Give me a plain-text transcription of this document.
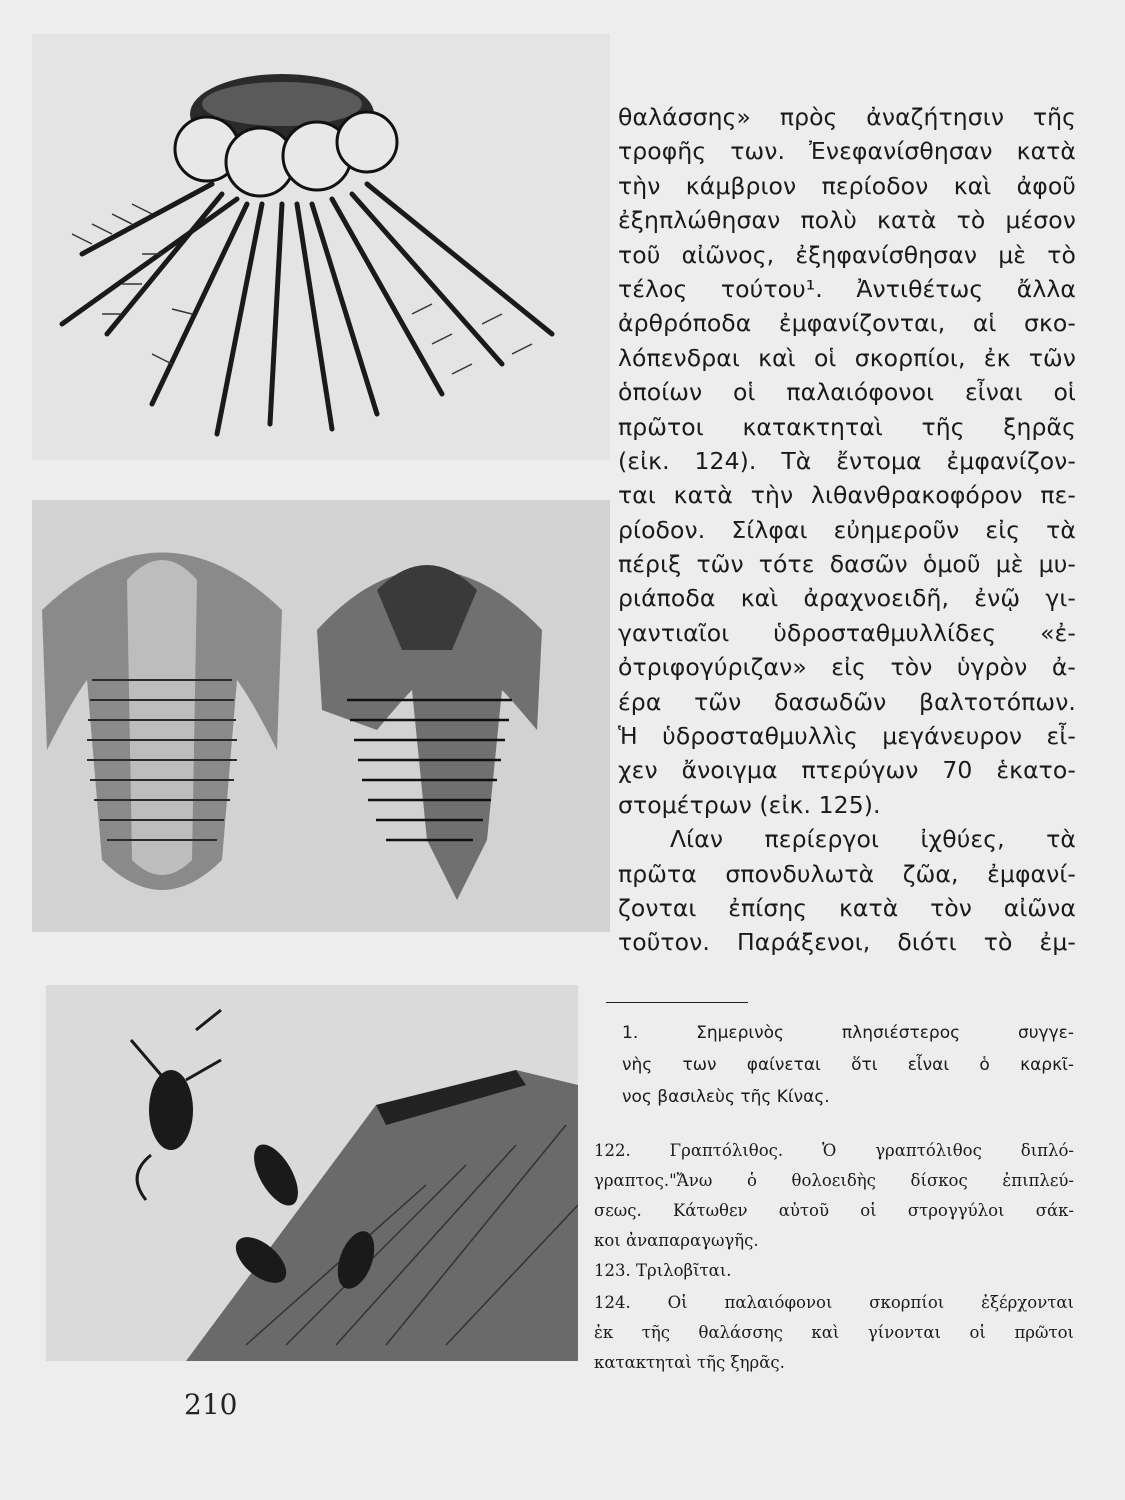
θαλάσσης» πρὸς ἀναζήτησιν τῆς
τροφῆς των. Ἐνεφανίσθησαν κατὰ
τὴν κάμβριον περίοδον καὶ ἀφοῦ
ἐξηπλώθησαν πολὺ κατὰ τὸ μέσον
τοῦ αἰῶνος, ἐξηφανίσθησαν μὲ τὸ
τέλος τούτου¹. Ἀντιθέτως ἄλλα
ἀρθρόποδα ἐμφανίζονται, αἱ σκο-
λόπενδραι καὶ οἱ σκορπίοι, ἐκ τῶν
ὁποίων οἱ παλαιόφονοι εἶναι οἱ
πρῶτοι κατακτηταὶ τῆς ξηρᾶς
(εἰκ. 124). Τὰ ἔντομα ἐμφανίζον-
ται κατὰ τὴν λιθανθρακοφόρον πε-
ρίοδον. Σίλφαι εὐημεροῦν εἰς τὰ
πέριξ τῶν τότε δασῶν ὁμοῦ μὲ μυ-
ριάποδα καὶ ἀραχνοειδῆ, ἐνῷ γι-
γαντιαῖοι ὑδροσταθμυλλίδες «ἐ-
ὀτριφογύριζαν» εἰς τὸν ὑγρὸν ἀ-
έρα τῶν δασωδῶν βαλτοτόπων.
Ἡ ὑδροσταθμυλλὶς μεγάνευρον εἶ-
χεν ἄνοιγμα πτερύγων 70 ἑκατο-
στομέτρων (εἰκ. 125).
Λίαν περίεργοι ἰχθύες, τὰ
πρῶτα σπονδυλωτὰ ζῶα, ἐμφανί-
ζονται ἐπίσης κατὰ τὸν αἰῶνα
τοῦτον. Παράξενοι, διότι τὸ ἐμ-
1. Σημερινὸς πλησιέστερος συγγε-
νὴς των φαίνεται ὅτι εἶναι ὁ καρκῖ-
νος βασιλεὺς τῆς Κίνας.
122. Γραπτόλιθος. Ὁ γραπτόλιθος διπλό-
γραπτος."Ἄνω ὁ θολοειδὴς δίσκος ἐπιπλεύ-
σεως. Κάτωθεν αὐτοῦ οἱ στρογγύλοι σάκ-
κοι ἀναπαραγωγῆς.
123. Τριλοβῖται.
124. Οἱ παλαιόφονοι σκορπίοι ἐξέρχονται
ἐκ τῆς θαλάσσης καὶ γίνονται οἱ πρῶτοι
κατακτηταὶ τῆς ξηρᾶς.
210
